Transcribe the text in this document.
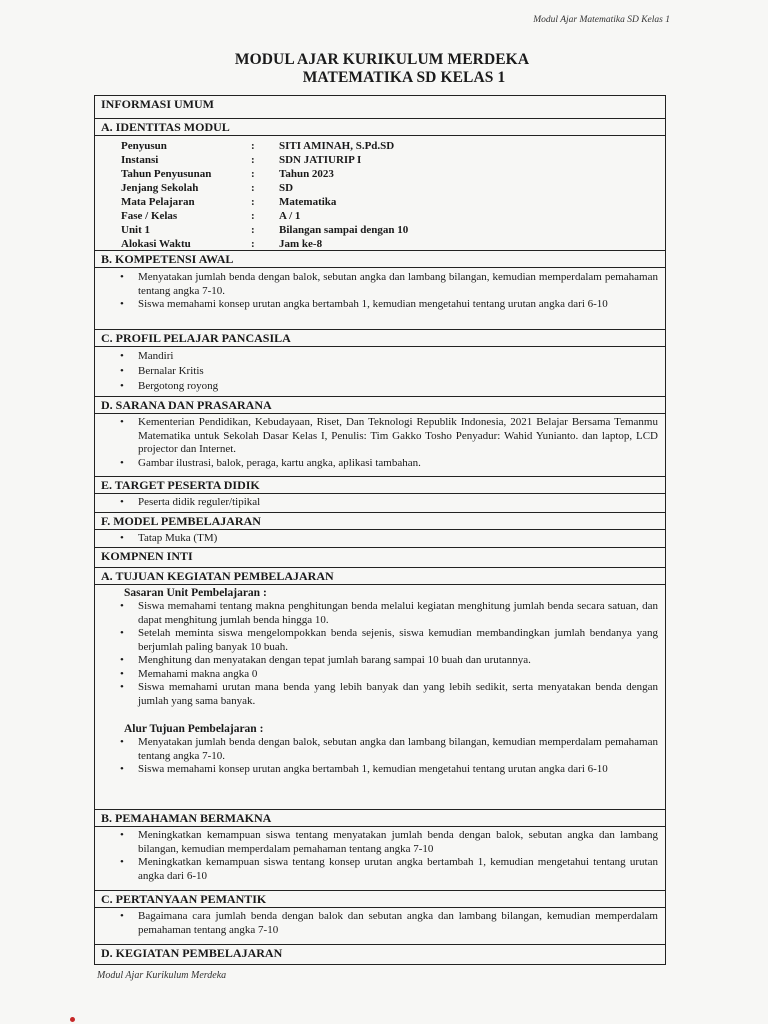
Modul Ajar Matematika SD Kelas 1
MODUL AJAR KURIKULUM MERDEKA
MATEMATIKA SD KELAS 1
INFORMASI UMUM
A. IDENTITAS MODUL
Penyusun	:	SITI AMINAH, S.Pd.SD
Instansi	:	SDN JATIURIP I
Tahun Penyusunan	:	Tahun 2023
Jenjang Sekolah	:	SD
Mata Pelajaran	:	Matematika
Fase / Kelas	:	A / 1
Unit 1	:	Bilangan sampai dengan 10
Alokasi Waktu	:	Jam ke-8
B. KOMPETENSI AWAL
• Menyatakan jumlah benda dengan balok, sebutan angka dan lambang bilangan, kemudian memperdalam pemahaman tentang angka 7-10.
• Siswa memahami konsep urutan angka bertambah 1, kemudian mengetahui tentang urutan angka dari 6-10
C. PROFIL PELAJAR PANCASILA
• Mandiri
• Bernalar Kritis
• Bergotong royong
D. SARANA DAN PRASARANA
• Kementerian Pendidikan, Kebudayaan, Riset, Dan Teknologi Republik Indonesia, 2021 Belajar Bersama Temanmu Matematika untuk Sekolah Dasar Kelas I, Penulis: Tim Gakko Tosho Penyadur: Wahid Yunianto. dan laptop, LCD projector dan Internet.
• Gambar ilustrasi, balok, peraga, kartu angka, aplikasi tambahan.
E. TARGET PESERTA DIDIK
• Peserta didik reguler/tipikal
F. MODEL PEMBELAJARAN
• Tatap Muka (TM)
KOMPNEN INTI
A. TUJUAN KEGIATAN PEMBELAJARAN
Sasaran Unit Pembelajaran :
• Siswa memahami tentang makna penghitungan benda melalui kegiatan menghitung jumlah benda secara satuan, dan dapat menghitung jumlah benda hingga 10.
• Setelah meminta siswa mengelompokkan benda sejenis, siswa kemudian membandingkan jumlah bendanya yang berjumlah paling banyak 10 buah.
• Menghitung dan menyatakan dengan tepat jumlah barang sampai 10 buah dan urutannya.
• Memahami makna angka 0
• Siswa memahami urutan mana benda yang lebih banyak dan yang lebih sedikit, serta menyatakan benda dengan jumlah yang sama banyak.
Alur Tujuan Pembelajaran :
• Menyatakan jumlah benda dengan balok, sebutan angka dan lambang bilangan, kemudian memperdalam pemahaman tentang angka 7-10.
• Siswa memahami konsep urutan angka bertambah 1, kemudian mengetahui tentang urutan angka dari 6-10
B. PEMAHAMAN BERMAKNA
• Meningkatkan kemampuan siswa tentang menyatakan jumlah benda dengan balok, sebutan angka dan lambang bilangan, kemudian memperdalam pemahaman tentang angka 7-10
• Meningkatkan kemampuan siswa tentang konsep urutan angka bertambah 1, kemudian mengetahui tentang urutan angka dari 6-10
C. PERTANYAAN PEMANTIK
• Bagaimana cara jumlah benda dengan balok dan sebutan angka dan lambang bilangan, kemudian memperdalam pemahaman tentang angka 7-10
D. KEGIATAN PEMBELAJARAN
Modul Ajar Kurikulum Merdeka
